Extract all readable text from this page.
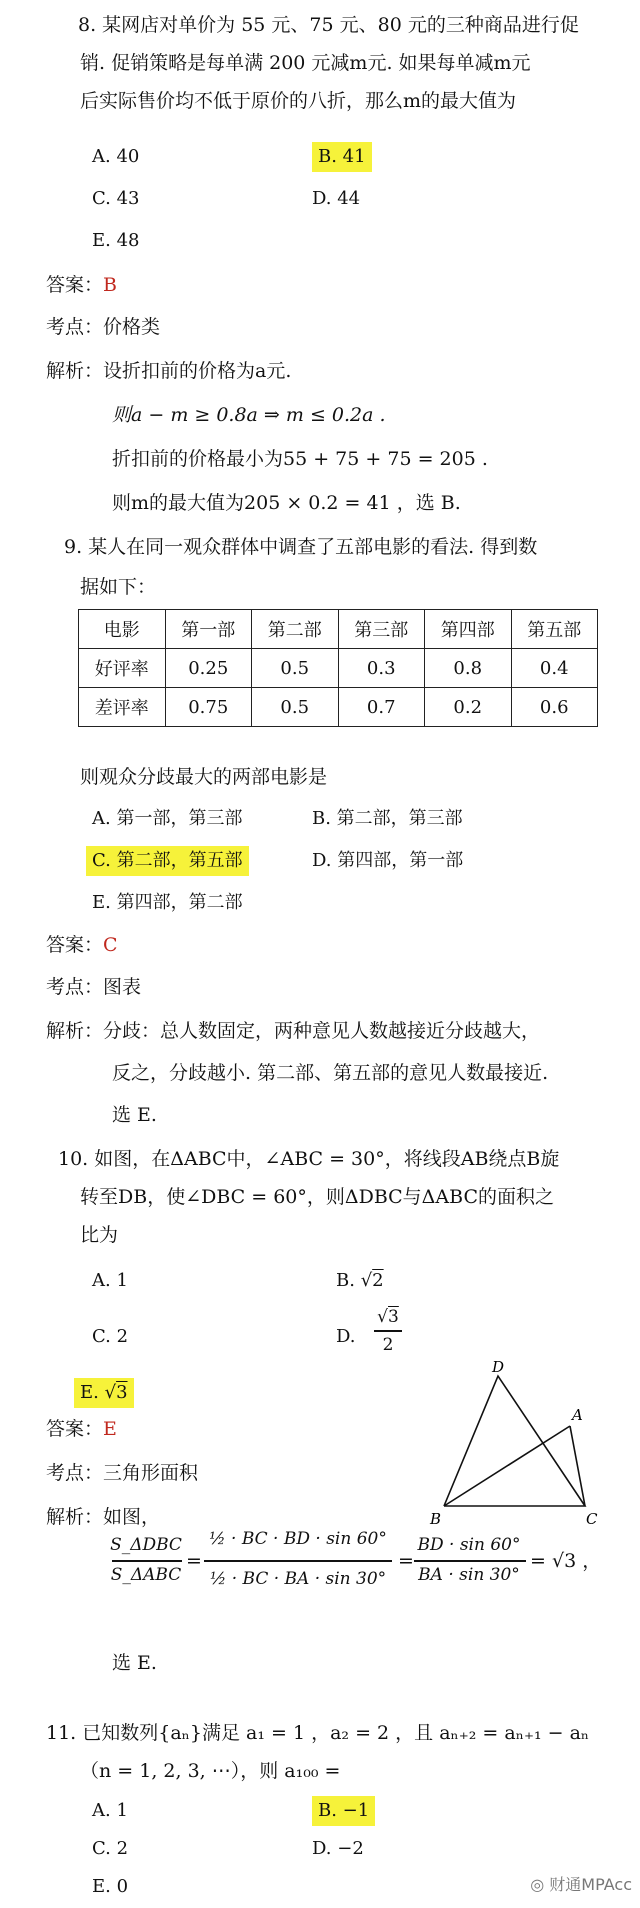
8. 某网店对单价为 55 元、75 元、80 元的三种商品进行促
销. 促销策略是每单满 200 元减m元. 如果每单减m元
后实际售价均不低于原价的八折，那么m的最大值为
A. 40	B. 41
C. 43	D. 44
E. 48
答案：B
考点：价格类
解析：设折扣前的价格为a元.
则a − m ≥ 0.8a ⇒ m ≤ 0.2a .
折扣前的价格最小为55 + 75 + 75 = 205 .
则m的最大值为205 × 0.2 = 41 ，选 B.
9. 某人在同一观众群体中调查了五部电影的看法. 得到数
据如下：
电影	第一部	第二部	第三部	第四部	第五部
好评率	0.25	0.5	0.3	0.8	0.4
差评率	0.75	0.5	0.7	0.2	0.6
则观众分歧最大的两部电影是
A. 第一部，第三部	B. 第二部，第三部
C. 第二部，第五部	D. 第四部，第一部
E. 第四部，第二部
答案：C
考点：图表
解析：分歧：总人数固定，两种意见人数越接近分歧越大，
反之，分歧越小. 第二部、第五部的意见人数最接近.
选 E.
10. 如图，在ΔABC中，∠ABC = 30°，将线段AB绕点B旋
转至DB，使∠DBC = 60°，则ΔDBC与ΔABC的面积之
比为
A. 1	B. √2
C. 2	D.
√3
2
E. √3
答案：E
考点：三角形面积
解析：如图，
D
A
B	C
S_ΔDBC
S_ΔABC
=
½ · BC · BD · sin 60°
½ · BC · BA · sin 30°
=
BD · sin 60°
BA · sin 30°
= √3 ，
选 E.
11. 已知数列{aₙ}满足 a₁ = 1 ，a₂ = 2 ，且 aₙ₊₂ = aₙ₊₁ − aₙ
（n = 1, 2, 3, ⋯），则 a₁₀₀ =
A. 1	B. −1
C. 2	D. −2
E. 0	◎ 财通MPAcc
